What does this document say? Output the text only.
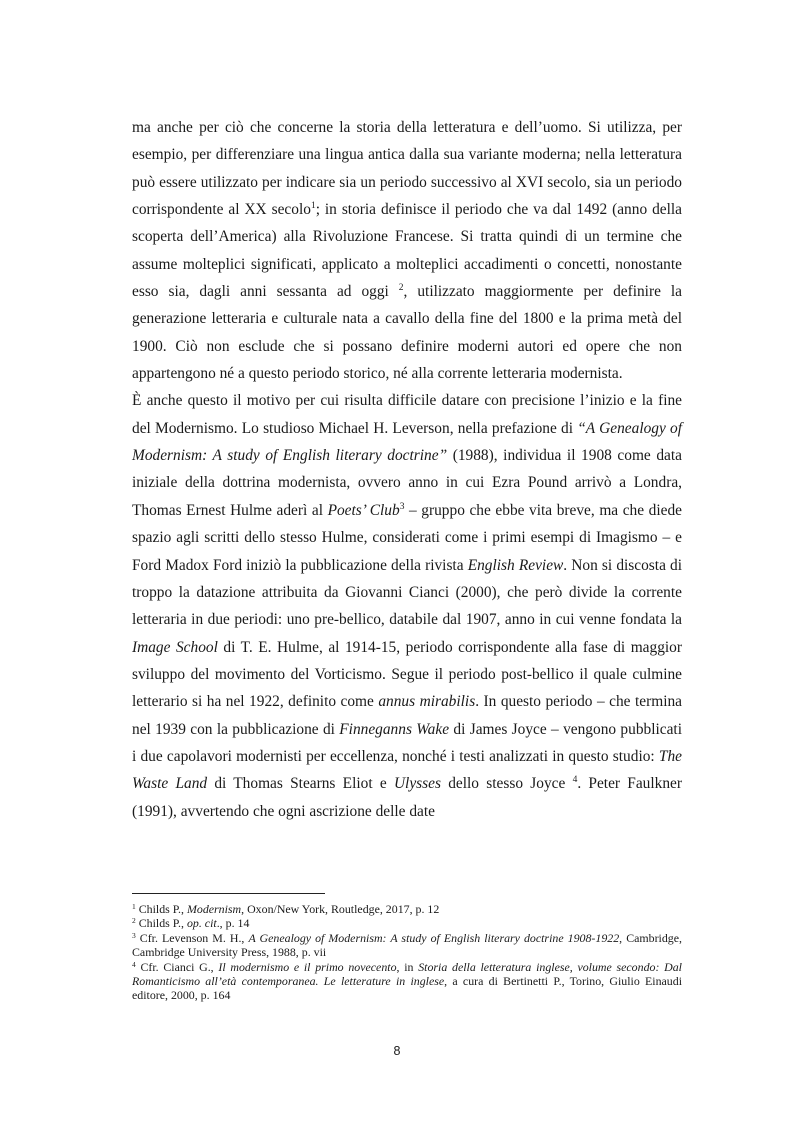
ma anche per ciò che concerne la storia della letteratura e dell’uomo. Si utilizza, per esempio, per differenziare una lingua antica dalla sua variante moderna; nella letteratura può essere utilizzato per indicare sia un periodo successivo al XVI secolo, sia un periodo corrispondente al XX secolo$^1$; in storia definisce il periodo che va dal 1492 (anno della scoperta dell’America) alla Rivoluzione Francese. Si tratta quindi di un termine che assume molteplici significati, applicato a molteplici accadimenti o concetti, nonostante esso sia, dagli anni sessanta ad oggi $^2$, utilizzato maggiormente per definire la generazione letteraria e culturale nata a cavallo della fine del 1800 e la prima metà del 1900. Ciò non esclude che si possano definire moderni autori ed opere che non appartengono né a questo periodo storico, né alla corrente letteraria modernista.

È anche questo il motivo per cui risulta difficile datare con precisione l’inizio e la fine del Modernismo. Lo studioso Michael H. Leverson, nella prefazione di “A Genealogy of Modernism: A study of English literary doctrine” (1988), individua il 1908 come data iniziale della dottrina modernista, ovvero anno in cui Ezra Pound arrivò a Londra, Thomas Ernest Hulme aderì al Poets’ Club$^3$ – gruppo che ebbe vita breve, ma che diede spazio agli scritti dello stesso Hulme, considerati come i primi esempi di Imagismo – e Ford Madox Ford iniziò la pubblicazione della rivista English Review. Non si discosta di troppo la datazione attribuita da Giovanni Cianci (2000), che però divide la corrente letteraria in due periodi: uno pre-bellico, databile dal 1907, anno in cui venne fondata la Image School di T. E. Hulme, al 1914-15, periodo corrispondente alla fase di maggior sviluppo del movimento del Vorticismo. Segue il periodo post-bellico il quale culmine letterario si ha nel 1922, definito come annus mirabilis. In questo periodo – che termina nel 1939 con la pubblicazione di Finneganns Wake di James Joyce – vengono pubblicati i due capolavori modernisti per eccellenza, nonché i testi analizzati in questo studio: The Waste Land di Thomas Stearns Eliot e Ulysses dello stesso Joyce $^4$. Peter Faulkner (1991), avvertendo che ogni ascrizione delle date

$^1$ Childs P., Modernism, Oxon/New York, Routledge, 2017, p. 12

$^2$ Childs P., op. cit., p. 14

$^3$ Cfr. Levenson M. H., A Genealogy of Modernism: A study of English literary doctrine 1908-1922, Cambridge, Cambridge University Press, 1988, p. vii

$^4$ Cfr. Cianci G., Il modernismo e il primo novecento, in Storia della letteratura inglese, volume secondo: Dal Romanticismo all’età contemporanea. Le letterature in inglese, a cura di Bertinetti P., Torino, Giulio Einaudi editore, 2000, p. 164

8
